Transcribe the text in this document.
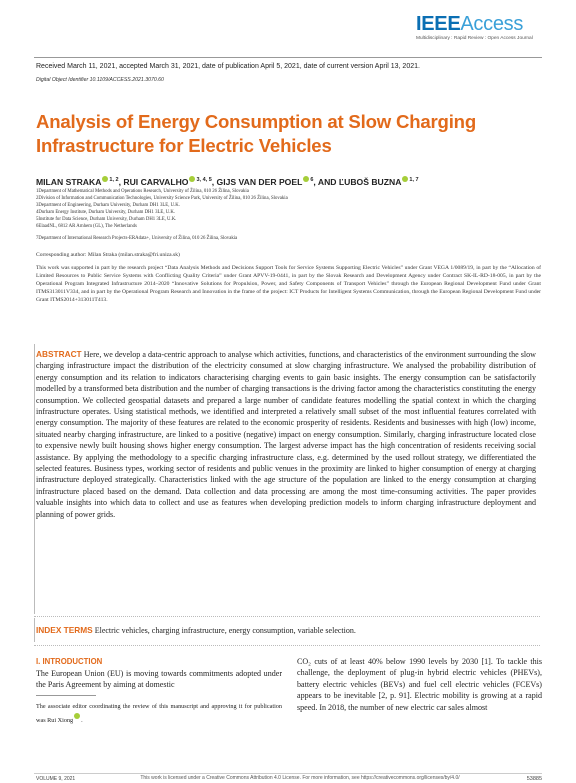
IEEEAccess
Multidisciplinary : Rapid Review : Open Access Journal
Received March 11, 2021, accepted March 31, 2021, date of publication April 5, 2021, date of current version April 13, 2021.
Digital Object Identifier 10.1109/ACCESS.2021.3070.60
Analysis of Energy Consumption at Slow Charging Infrastructure for Electric Vehicles
MILAN STRAKA $^{1, 2}$, RUI CARVALHO $^{3, 4, 5}$, GIJS VAN DER POEL $^6$, AND ĽUBOŠ BUZNA $^{1, 7}$
1Department of Mathematical Methods and Operations Research, University of Žilina, 010 26 Žilina, Slovakia
2Division of Information and Communication Technologies, University Science Park, University of Žilina, 010 26 Žilina, Slovakia
3Department of Engineering, Durham University, Durham DH1 3LE, U.K.
4Durham Energy Institute, Durham University, Durham DH1 3LE, U.K.
5Institute for Data Science, Durham University, Durham DH1 3LE, U.K.
6ElaadNL, 6812 AR Arnhem (GL), The Netherlands
7Department of International Research Projects-ERAdata+, University of Žilina, 010 26 Žilina, Slovakia
Corresponding author: Milan Straka (milan.straka@fri.uniza.sk)
This work was supported in part by the research project “Data Analysis Methods and Decisions Support Tools for Service Systems Supporting Electric Vehicles” under Grant VEGA 1/0089/19, in part by the “Allocation of Limited Resources to Public Service Systems with Conflicting Quality Criteria” under Grant APVV-19-0441, in part by the Slovak Research and Development Agency under Contract SK-IL-RD-18-005, in part by the Operational Program Integrated Infrastructure 2014–2020 “Innovative Solutions for Propulsion, Power, and Safety Components of Transport Vehicles” through the European Regional Development Fund under Grant ITMS313011V334, and in part by the Operational Program Research and Innovation in the frame of the project: ICT Products for Intelligent Systems Communication, through the European Regional Development Fund under Grant ITMS2014+313011T413.
ABSTRACT Here, we develop a data-centric approach to analyse which activities, functions, and characteristics of the environment surrounding the slow charging infrastructure impact the distribution of the electricity consumed at slow charging infrastructure. We analysed the probability distribution of energy consumption and its relation to indicators characterising charging events to gain basic insights. The energy consumption can be satisfactorily modelled by a transformed beta distribution and the number of charging transactions is the driving factor among the characteristics constituting the energy consumption. We collected geospatial datasets and prepared a large number of candidate features modelling the spatial context in which the charging infrastructure operates. Using statistical methods, we identified and interpreted a relatively small subset of the most influential features correlated with energy consumption. The majority of these features are related to the economic prosperity of residents. Residents and businesses with high (low) income, situated nearby charging infrastructure, are linked to a positive (negative) impact on energy consumption. Similarly, charging infrastructure located close to expensive newly built housing shows higher energy consumption. The largest adverse impact has the high concentration of residents receiving social assistance. By applying the methodology to a specific charging infrastructure class, e.g. determined by the used rollout strategy, we differentiated the selected features. Business types, working sector of residents and public venues in the proximity are linked to higher consumption of energy at charging infrastructure deployed strategically. Characteristics linked with the age structure of the population are linked to the energy consumption at charging infrastructure placed based on the demand. Data collection and data processing are among the most time-consuming activities. The paper provides valuable insights into which data to collect and use as features when developing prediction models to inform charging infrastructure deployment and planning of power grids.
INDEX TERMS Electric vehicles, charging infrastructure, energy consumption, variable selection.
I. INTRODUCTION
The European Union (EU) is moving towards commitments adopted under the Paris Agreement by aiming at domestic
The associate editor coordinating the review of this manuscript and approving it for publication was Rui Xiong .
CO₂ cuts of at least 40% below 1990 levels by 2030 [1]. To tackle this challenge, the deployment of plug-in hybrid electric vehicles (PHEVs), battery electric vehicles (BEVs) and fuel cell electric vehicles (FCEVs) appears to be inevitable [2, p. 91]. Electric mobility is growing at a rapid speed. In 2018, the number of new electric car sales almost
VOLUME 9, 2021	This work is licensed under a Creative Commons Attribution 4.0 License. For more information, see https://creativecommons.org/licenses/by/4.0/	53885
